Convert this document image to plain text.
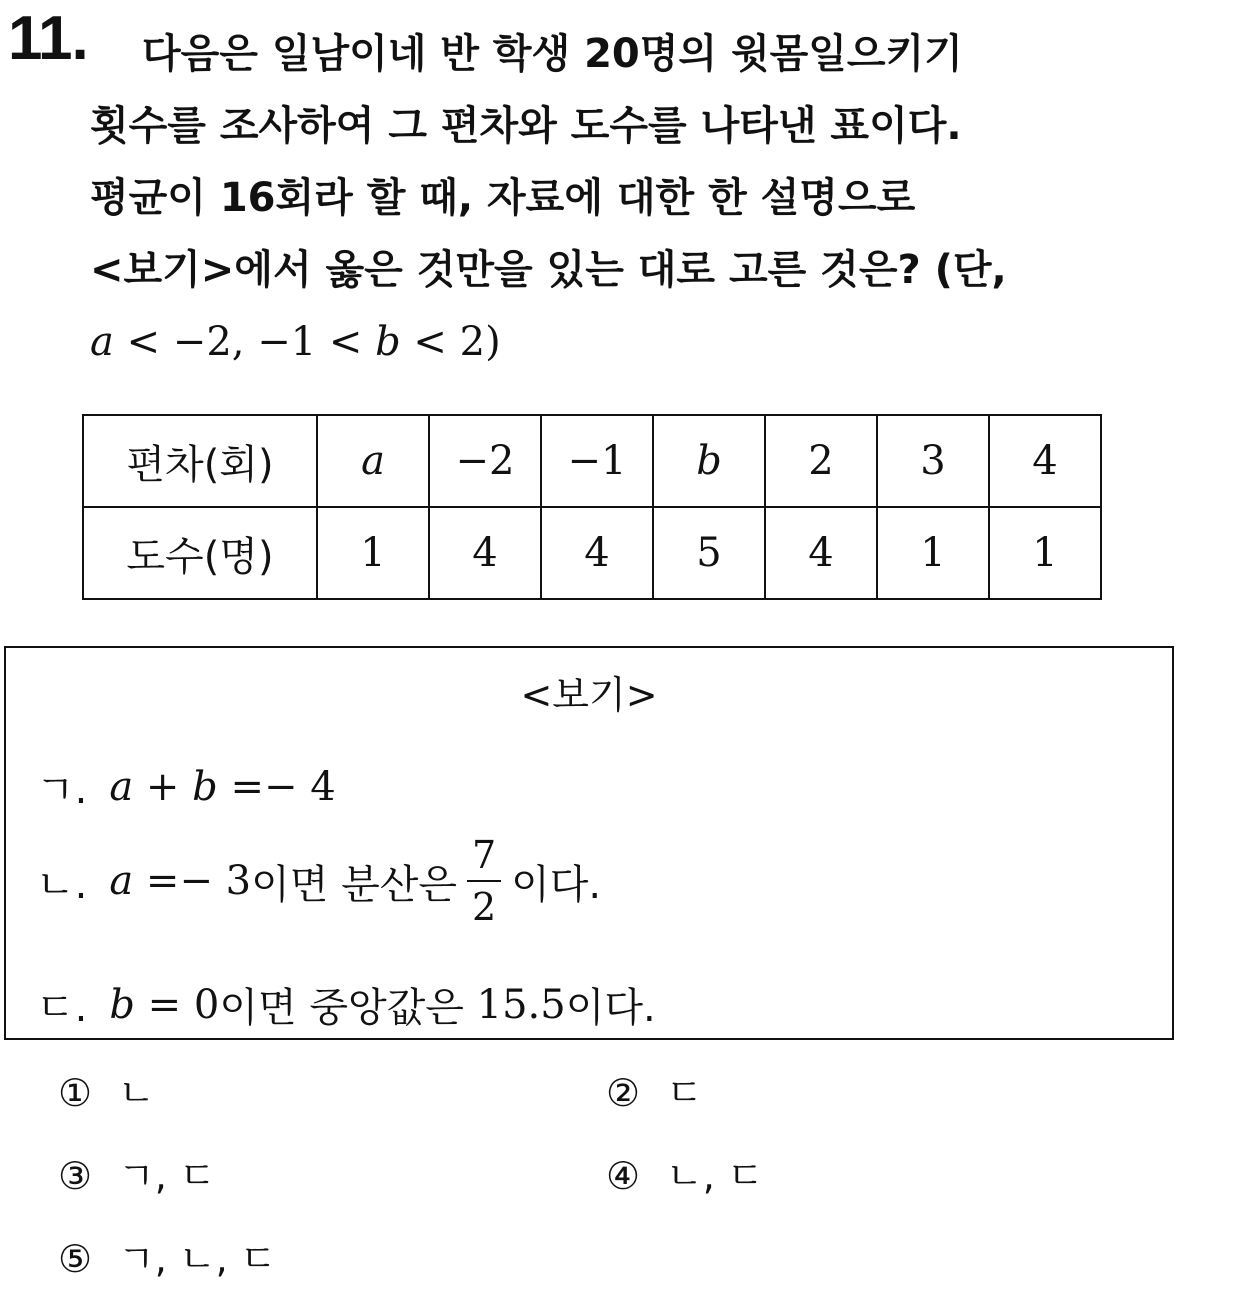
11.	다음은 일남이네 반 학생 20명의 윗몸일으키기
횟수를 조사하여 그 편차와 도수를 나타낸 표이다.
평균이 16회라 할 때, 자료에 대한 한 설명으로
<보기>에서 옳은 것만을 있는 대로 고른 것은? (단,
a < −2, −1 < b < 2)
편차(회)	a	−2	−1	b	2	3	4
도수(명)	1	4	4	5	4	1	1
<보기>
ㄱ. a + b =− 4
ㄴ. a =− 3 이면 분산은 $\frac{7}{2}$ 이다.
ㄷ. b = 0 이면 중앙값은 15.5 이다.
① ㄴ	② ㄷ
③ ㄱ, ㄷ	④ ㄴ, ㄷ
⑤ ㄱ, ㄴ, ㄷ
